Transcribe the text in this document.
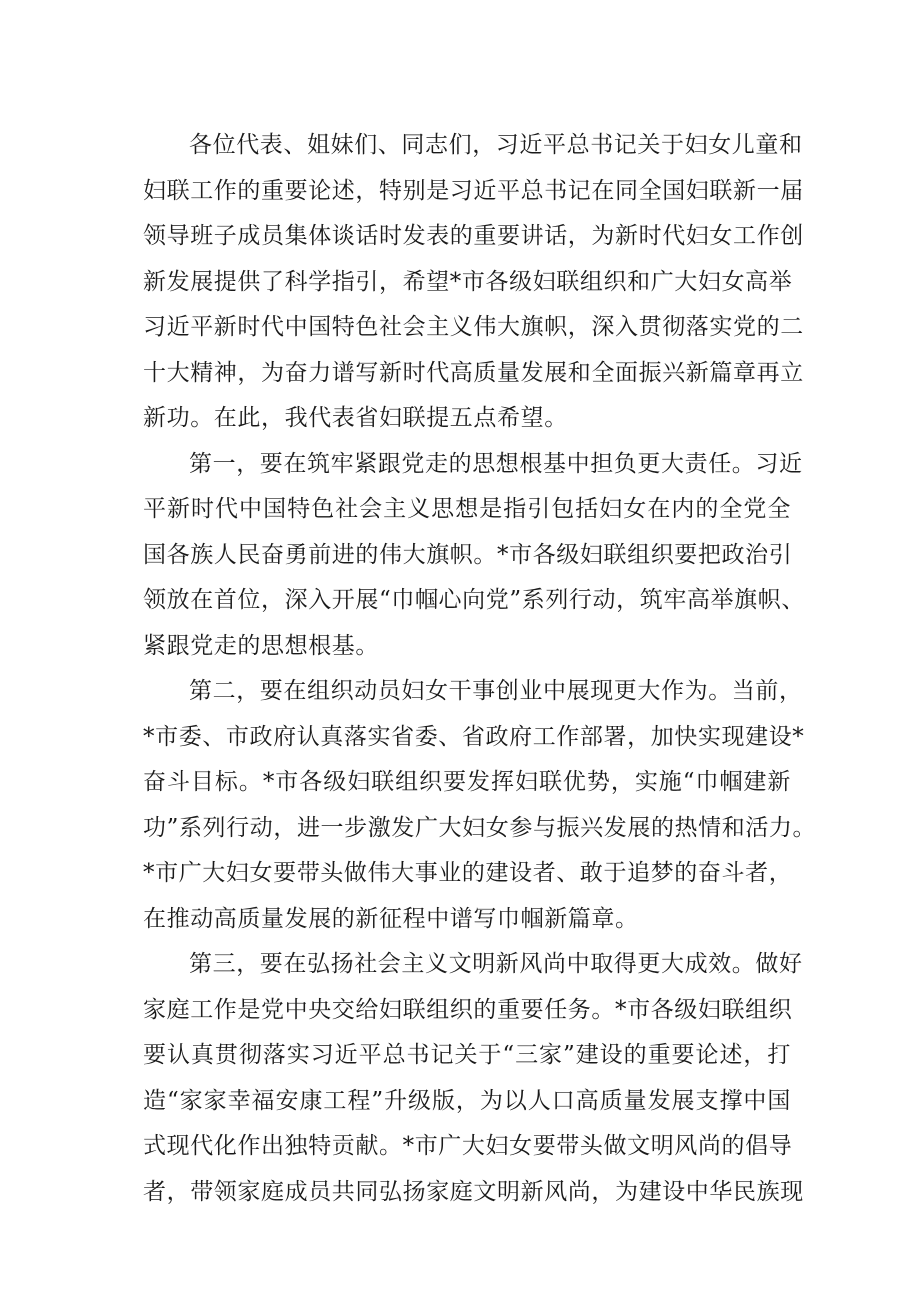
各位代表、姐妹们、同志们，习近平总书记关于妇女儿童和
妇联工作的重要论述，特别是习近平总书记在同全国妇联新一届
领导班子成员集体谈话时发表的重要讲话，为新时代妇女工作创
新发展提供了科学指引，希望*市各级妇联组织和广大妇女高举
习近平新时代中国特色社会主义伟大旗帜，深入贯彻落实党的二
十大精神，为奋力谱写新时代高质量发展和全面振兴新篇章再立
新功。在此，我代表省妇联提五点希望。
第一，要在筑牢紧跟党走的思想根基中担负更大责任。习近
平新时代中国特色社会主义思想是指引包括妇女在内的全党全
国各族人民奋勇前进的伟大旗帜。*市各级妇联组织要把政治引
领放在首位，深入开展“巾帼心向党”系列行动，筑牢高举旗帜、
紧跟党走的思想根基。
第二，要在组织动员妇女干事创业中展现更大作为。当前，
*市委、市政府认真落实省委、省政府工作部署，加快实现建设*
奋斗目标。*市各级妇联组织要发挥妇联优势，实施“巾帼建新
功”系列行动，进一步激发广大妇女参与振兴发展的热情和活力。
*市广大妇女要带头做伟大事业的建设者、敢于追梦的奋斗者，
在推动高质量发展的新征程中谱写巾帼新篇章。
第三，要在弘扬社会主义文明新风尚中取得更大成效。做好
家庭工作是党中央交给妇联组织的重要任务。*市各级妇联组织
要认真贯彻落实习近平总书记关于“三家”建设的重要论述，打
造“家家幸福安康工程”升级版，为以人口高质量发展支撑中国
式现代化作出独特贡献。*市广大妇女要带头做文明风尚的倡导
者，带领家庭成员共同弘扬家庭文明新风尚，为建设中华民族现
